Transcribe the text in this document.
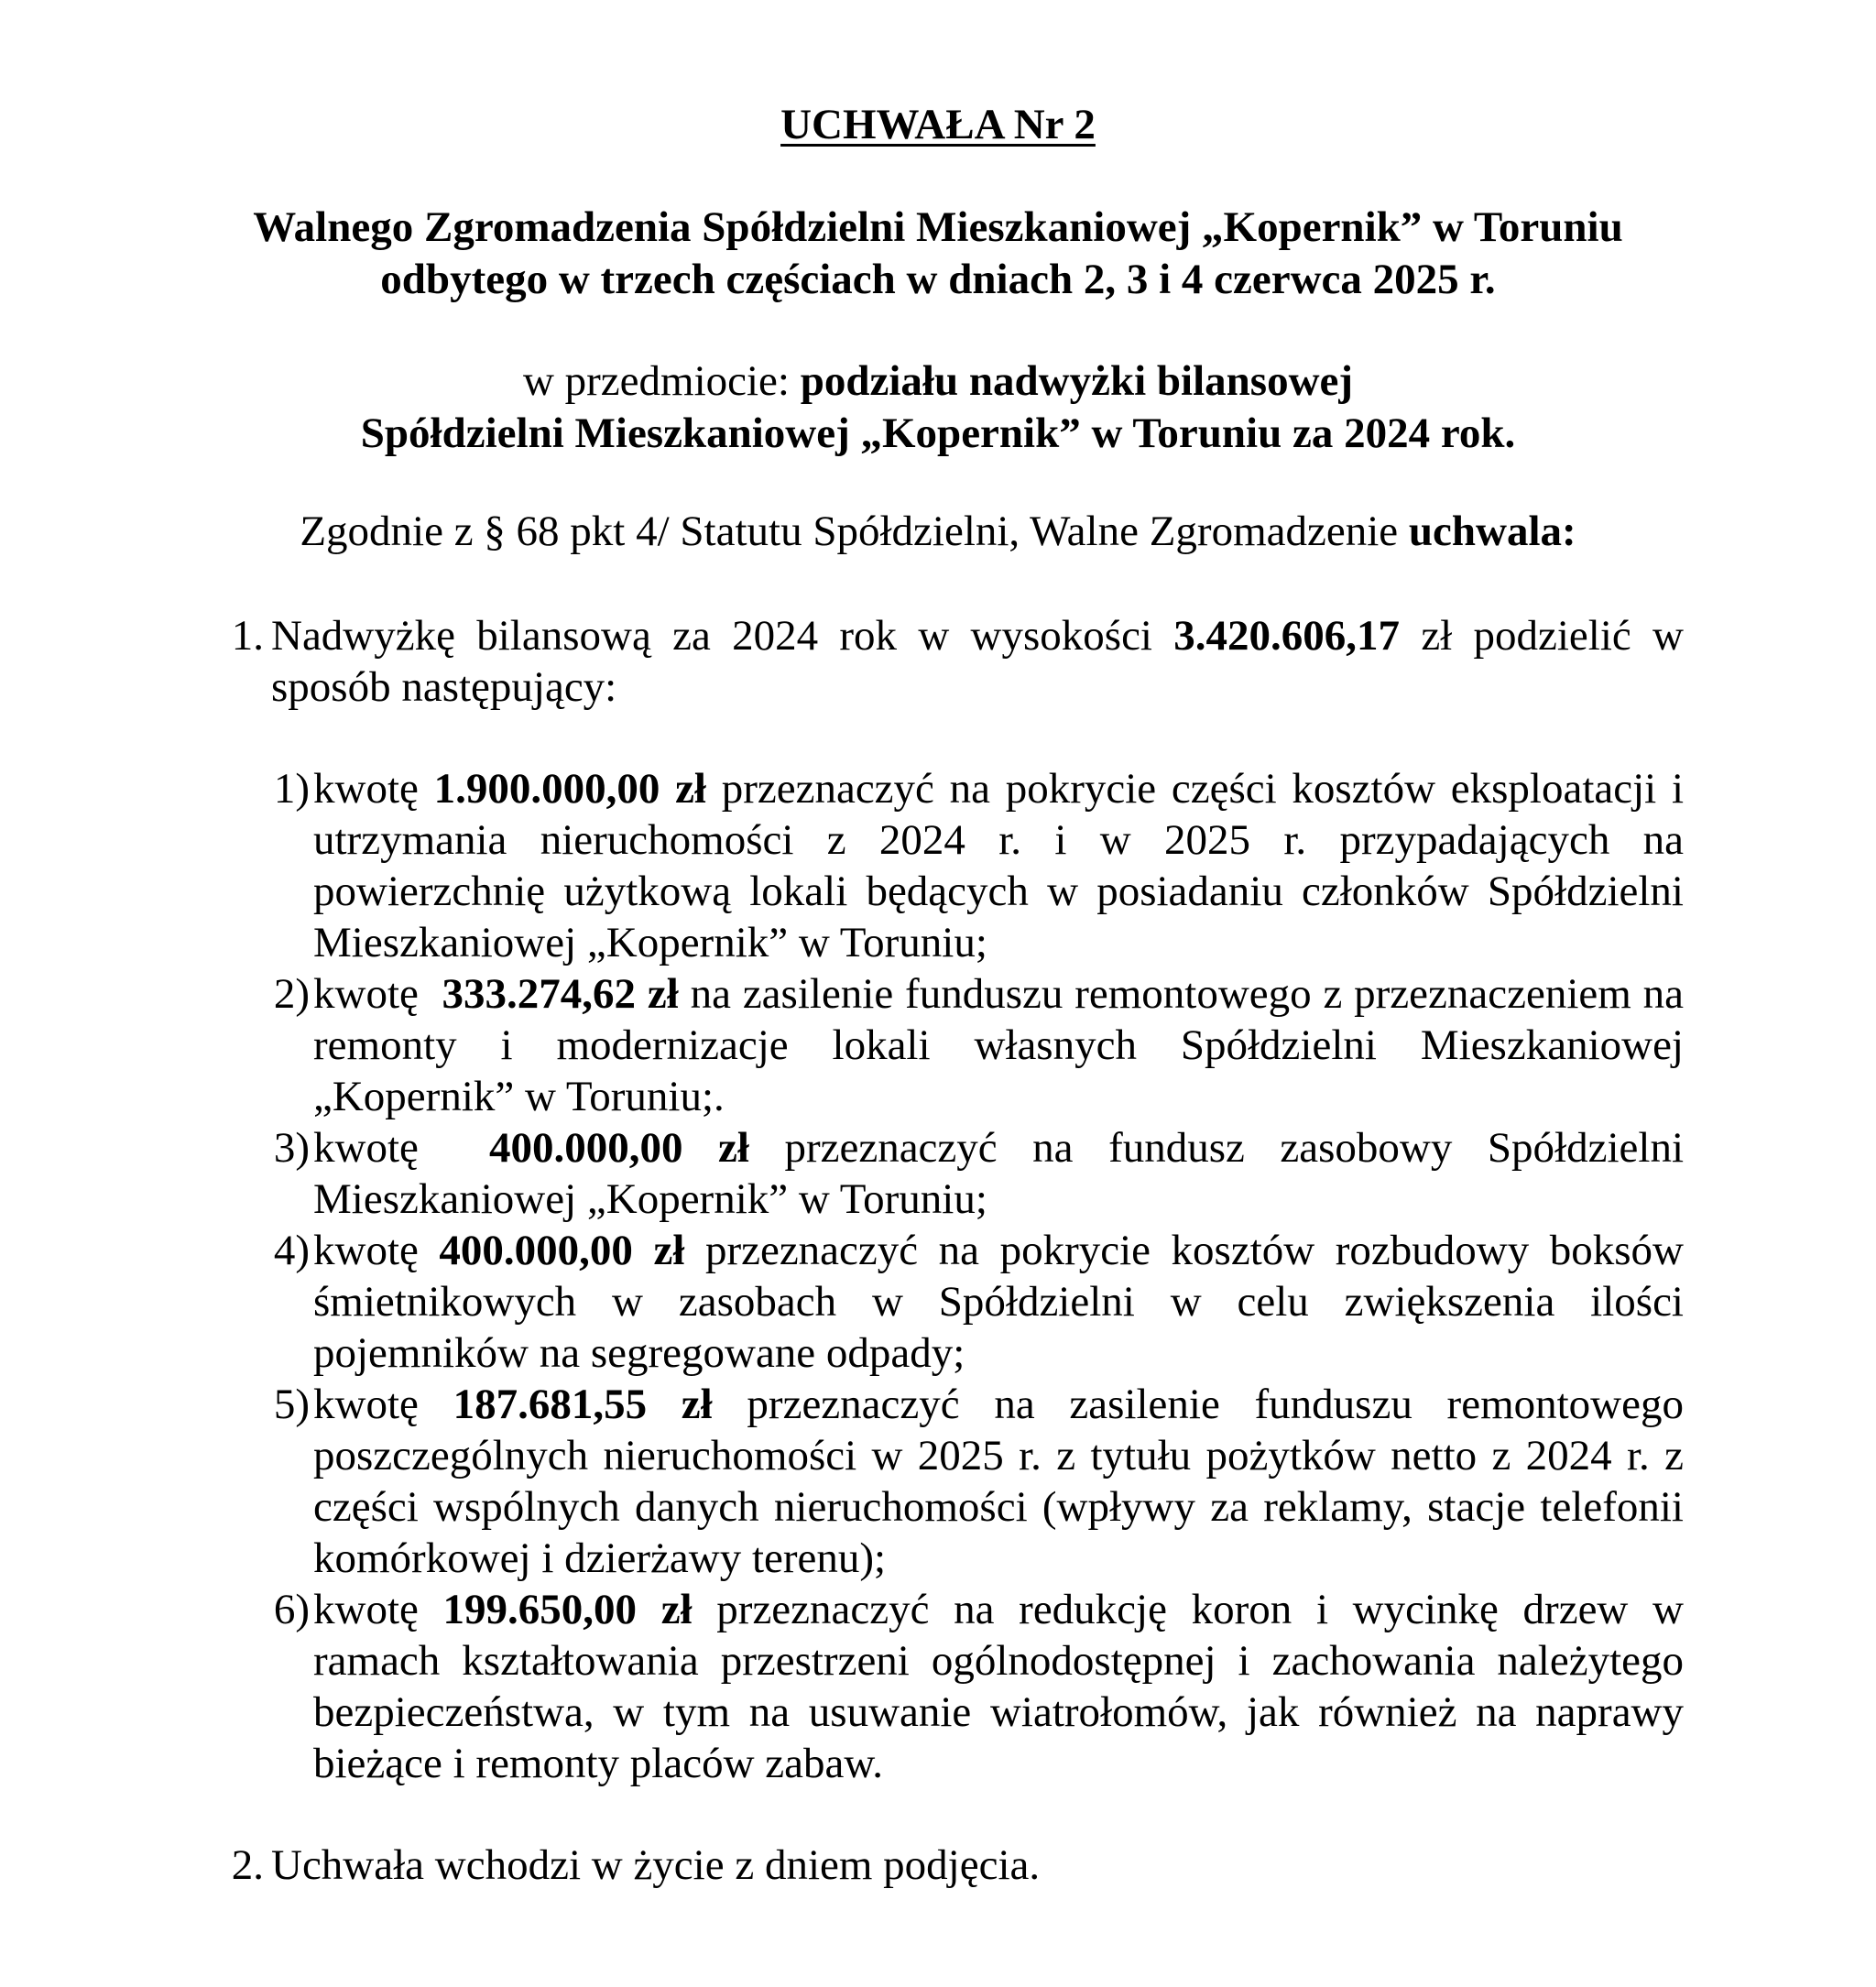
UCHWAŁA Nr 2
Walnego Zgromadzenia Spółdzielni Mieszkaniowej „Kopernik” w Toruniu
odbytego w trzech częściach w dniach 2, 3 i 4 czerwca 2025 r.
w przedmiocie: podziału nadwyżki bilansowej
Spółdzielni Mieszkaniowej „Kopernik” w Toruniu za 2024 rok.
Zgodnie z § 68 pkt 4/ Statutu Spółdzielni, Walne Zgromadzenie uchwala:
1. Nadwyżkę bilansową za 2024 rok w wysokości 3.420.606,17 zł podzielić w sposób następujący:
1) kwotę 1.900.000,00 zł przeznaczyć na pokrycie części kosztów eksploatacji i utrzymania nieruchomości z 2024 r. i w 2025 r. przypadających na powierzchnię użytkową lokali będących w posiadaniu członków Spółdzielni Mieszkaniowej „Kopernik” w Toruniu;
2) kwotę  333.274,62 zł na zasilenie funduszu remontowego z przeznaczeniem na remonty i modernizacje lokali własnych Spółdzielni Mieszkaniowej „Kopernik” w Toruniu;.
3) kwotę  400.000,00 zł przeznaczyć na fundusz zasobowy Spółdzielni Mieszkaniowej „Kopernik” w Toruniu;
4) kwotę 400.000,00 zł przeznaczyć na pokrycie kosztów rozbudowy boksów śmietnikowych w zasobach w Spółdzielni w celu zwiększenia ilości pojemników na segregowane odpady;
5) kwotę 187.681,55 zł przeznaczyć na zasilenie funduszu remontowego poszczególnych nieruchomości w 2025 r. z tytułu pożytków netto z 2024 r. z części wspólnych danych nieruchomości (wpływy za reklamy, stacje telefonii komórkowej i dzierżawy terenu);
6) kwotę 199.650,00 zł przeznaczyć na redukcję koron i wycinkę drzew w ramach kształtowania przestrzeni ogólnodostępnej i zachowania należytego bezpieczeństwa, w tym na usuwanie wiatrołomów, jak również na naprawy bieżące i remonty placów zabaw.
2. Uchwała wchodzi w życie z dniem podjęcia.
